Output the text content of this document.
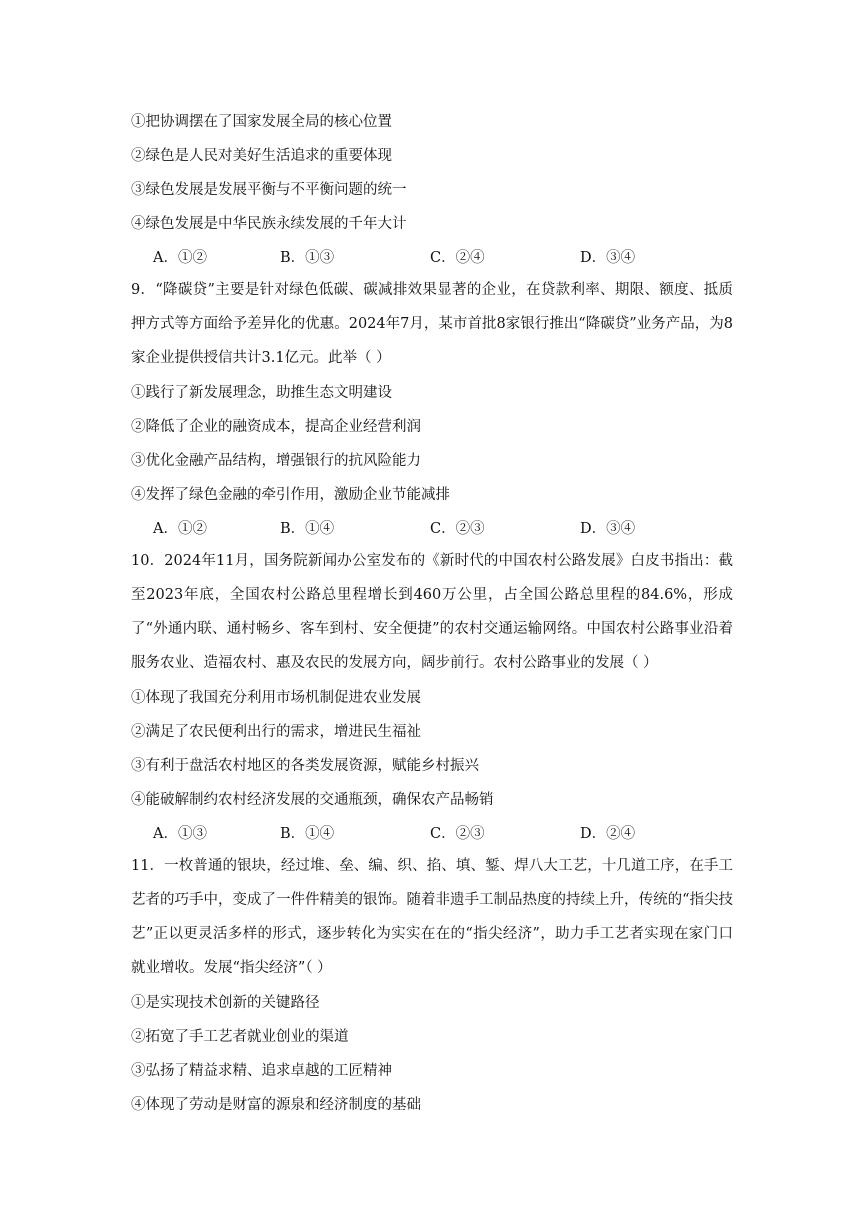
①把协调摆在了国家发展全局的核心位置
②绿色是人民对美好生活追求的重要体现
③绿色发展是发展平衡与不平衡问题的统一
④绿色发展是中华民族永续发展的千年大计
A．①②	B．①③	C．②④	D．③④
9．“降碳贷”主要是针对绿色低碳、碳减排效果显著的企业，在贷款利率、期限、额度、抵质押方式等方面给予差异化的优惠。2024年7月，某市首批8家银行推出“降碳贷”业务产品，为8家企业提供授信共计3.1亿元。此举（ ）
①践行了新发展理念，助推生态文明建设
②降低了企业的融资成本，提高企业经营利润
③优化金融产品结构，增强银行的抗风险能力
④发挥了绿色金融的牵引作用，激励企业节能减排
A．①②	B．①④	C．②③	D．③④
10．2024年11月，国务院新闻办公室发布的《新时代的中国农村公路发展》白皮书指出：截至2023年底，全国农村公路总里程增长到460万公里，占全国公路总里程的84.6%，形成了“外通内联、通村畅乡、客车到村、安全便捷”的农村交通运输网络。中国农村公路事业沿着服务农业、造福农村、惠及农民的发展方向，阔步前行。农村公路事业的发展（ ）
①体现了我国充分利用市场机制促进农业发展
②满足了农民便利出行的需求，增进民生福祉
③有利于盘活农村地区的各类发展资源，赋能乡村振兴
④能破解制约农村经济发展的交通瓶颈，确保农产品畅销
A．①③	B．①④	C．②③	D．②④
11．一枚普通的银块，经过堆、垒、编、织、掐、填、錾、焊八大工艺，十几道工序，在手工艺者的巧手中，变成了一件件精美的银饰。随着非遗手工制品热度的持续上升，传统的“指尖技艺”正以更灵活多样的形式，逐步转化为实实在在的“指尖经济”，助力手工艺者实现在家门口就业增收。发展“指尖经济”（ ）
①是实现技术创新的关键路径
②拓宽了手工艺者就业创业的渠道
③弘扬了精益求精、追求卓越的工匠精神
④体现了劳动是财富的源泉和经济制度的基础
